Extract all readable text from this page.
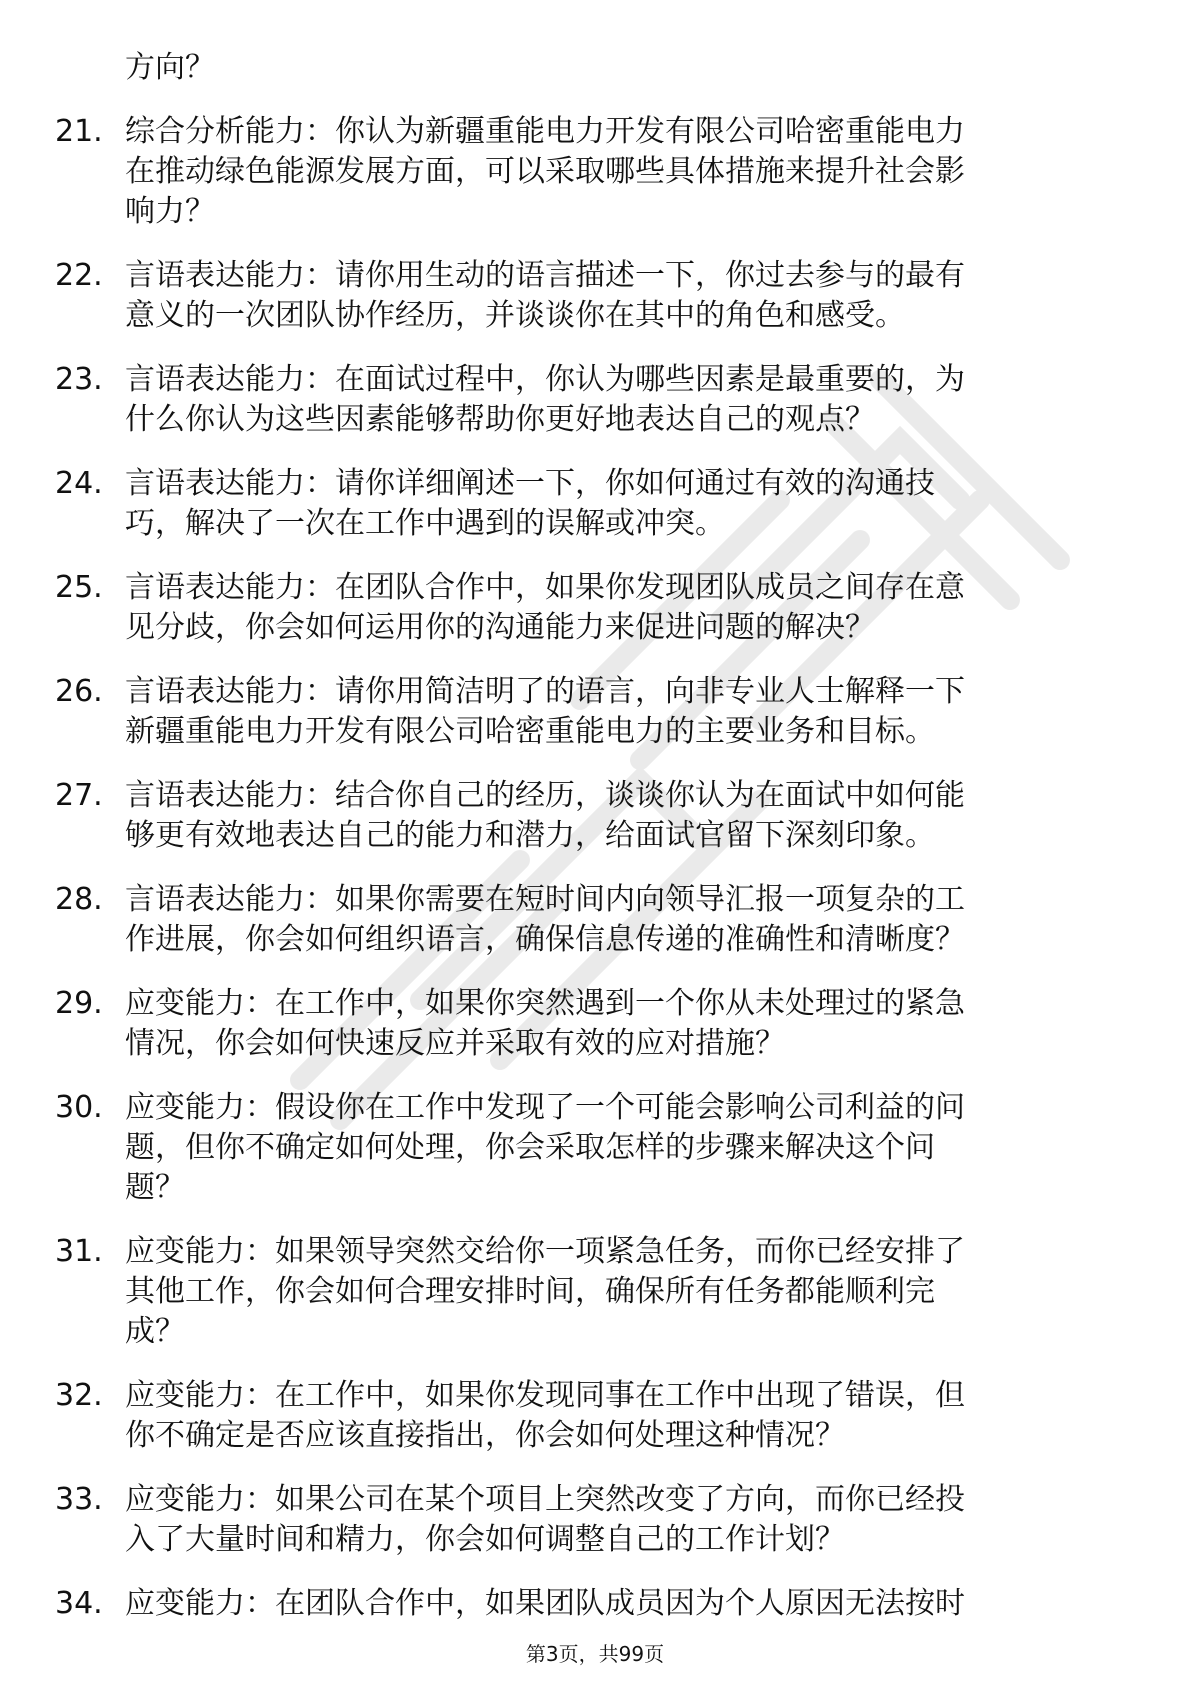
方向？
21. 综合分析能力：你认为新疆重能电力开发有限公司哈密重能电力
在推动绿色能源发展方面，可以采取哪些具体措施来提升社会影
响力？
22. 言语表达能力：请你用生动的语言描述一下，你过去参与的最有
意义的一次团队协作经历，并谈谈你在其中的角色和感受。
23. 言语表达能力：在面试过程中，你认为哪些因素是最重要的，为
什么你认为这些因素能够帮助你更好地表达自己的观点？
24. 言语表达能力：请你详细阐述一下，你如何通过有效的沟通技
巧，解决了一次在工作中遇到的误解或冲突。
25. 言语表达能力：在团队合作中，如果你发现团队成员之间存在意
见分歧，你会如何运用你的沟通能力来促进问题的解决？
26. 言语表达能力：请你用简洁明了的语言，向非专业人士解释一下
新疆重能电力开发有限公司哈密重能电力的主要业务和目标。
27. 言语表达能力：结合你自己的经历，谈谈你认为在面试中如何能
够更有效地表达自己的能力和潜力，给面试官留下深刻印象。
28. 言语表达能力：如果你需要在短时间内向领导汇报一项复杂的工
作进展，你会如何组织语言，确保信息传递的准确性和清晰度？
29. 应变能力：在工作中，如果你突然遇到一个你从未处理过的紧急
情况，你会如何快速反应并采取有效的应对措施？
30. 应变能力：假设你在工作中发现了一个可能会影响公司利益的问
题，但你不确定如何处理，你会采取怎样的步骤来解决这个问
题？
31. 应变能力：如果领导突然交给你一项紧急任务，而你已经安排了
其他工作，你会如何合理安排时间，确保所有任务都能顺利完
成？
32. 应变能力：在工作中，如果你发现同事在工作中出现了错误，但
你不确定是否应该直接指出，你会如何处理这种情况？
33. 应变能力：如果公司在某个项目上突然改变了方向，而你已经投
入了大量时间和精力，你会如何调整自己的工作计划？
34. 应变能力：在团队合作中，如果团队成员因为个人原因无法按时
第3页，共99页
